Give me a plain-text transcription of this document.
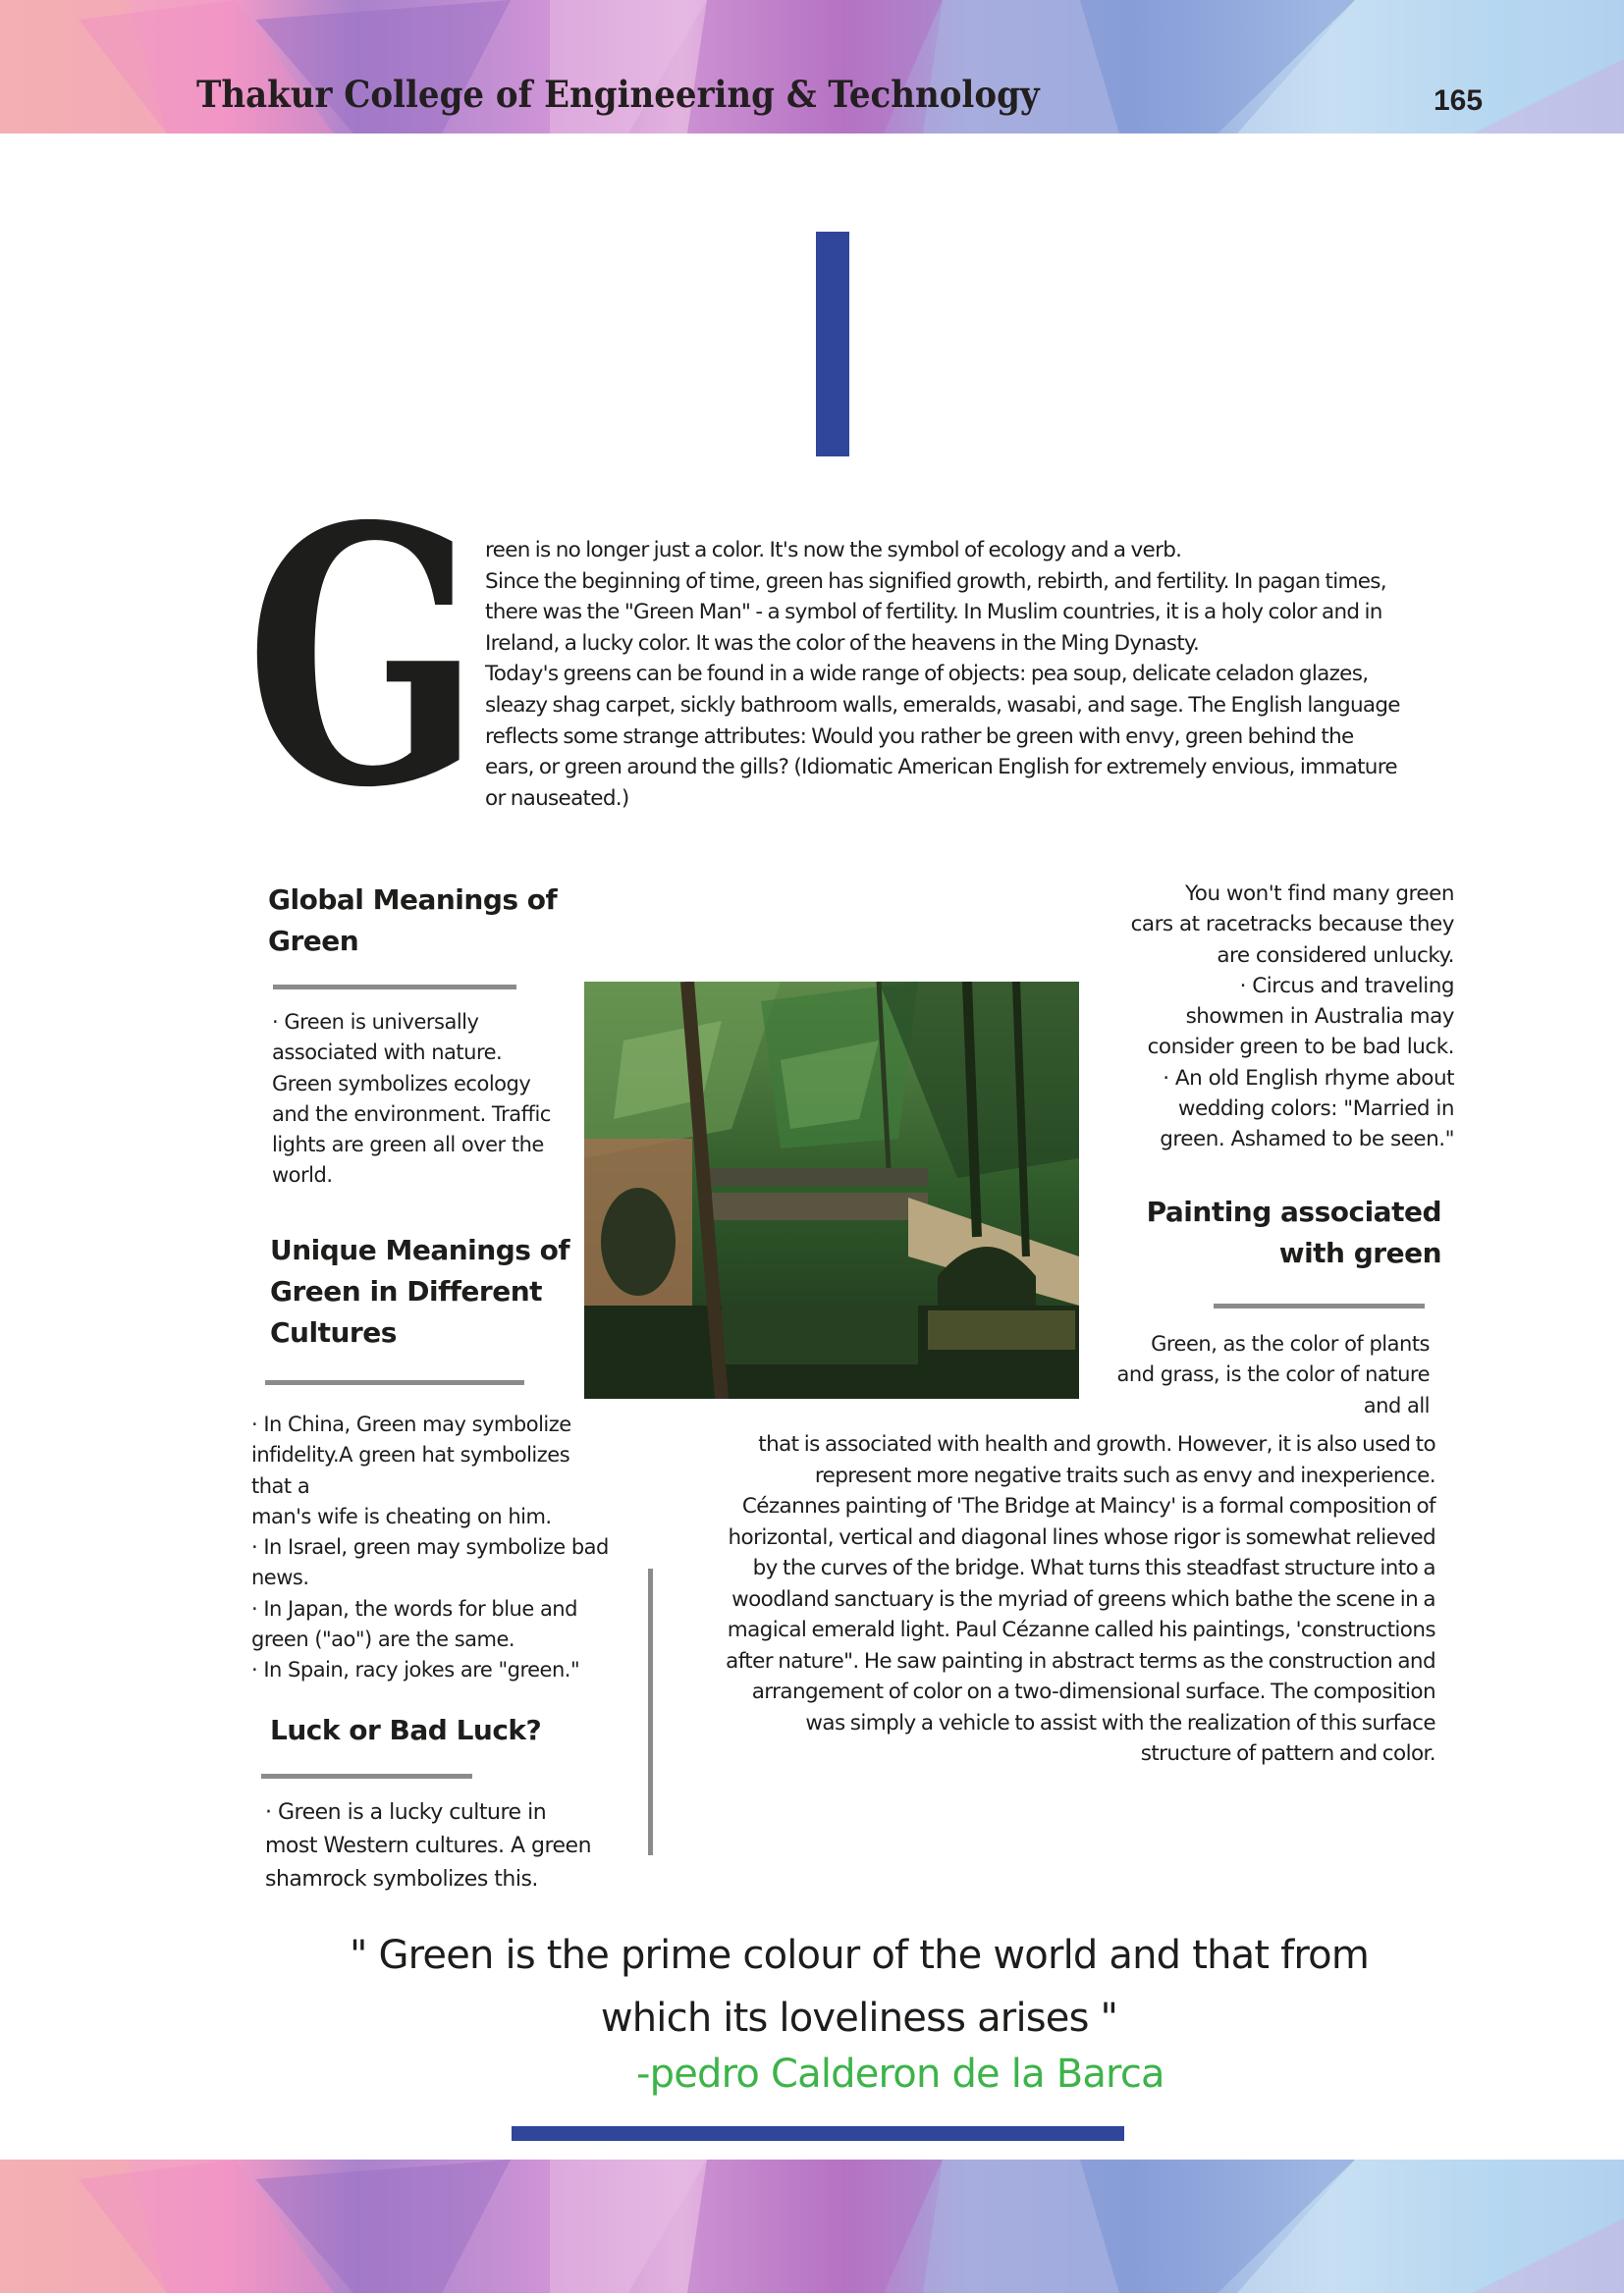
Thakur College of Engineering & Technology	165
G reen is no longer just a color. It's now the symbol of ecology and a verb.

Since the beginning of time, green has signified growth, rebirth, and fertility. In pagan times,

there was the "Green Man" - a symbol of fertility. In Muslim countries, it is a holy color and in

Ireland, a lucky color. It was the color of the heavens in the Ming Dynasty.

Today's greens can be found in a wide range of objects: pea soup, delicate celadon glazes,

sleazy shag carpet, sickly bathroom walls, emeralds, wasabi, and sage. The English language

reflects some strange attributes: Would you rather be green with envy, green behind the

ears, or green around the gills? (Idiomatic American English for extremely envious, immature

or nauseated.)

Global Meanings of
Green

· Green is universally

associated with nature.

Green symbolizes ecology

and the environment. Traffic

lights are green all over the

world.

Unique Meanings of
Green in Different
Cultures

· In China, Green may symbolize

infidelity.A green hat symbolizes

that a

man's wife is cheating on him.

· In Israel, green may symbolize bad

news.

· In Japan, the words for blue and

green ("ao") are the same.

· In Spain, racy jokes are "green."

Luck or Bad Luck?

· Green is a lucky culture in

most Western cultures. A green

shamrock symbolizes this.

You won't find many green

cars at racetracks because they

are considered unlucky.

· Circus and traveling

showmen in Australia may

consider green to be bad luck.

· An old English rhyme about

wedding colors: "Married in

green. Ashamed to be seen."

Painting associated
with green

Green, as the color of plants

and grass, is the color of nature

and all

that is associated with health and growth. However, it is also used to

represent more negative traits such as envy and inexperience.

Cézannes painting of 'The Bridge at Maincy' is a formal composition of

horizontal, vertical and diagonal lines whose rigor is somewhat relieved

by the curves of the bridge. What turns this steadfast structure into a

woodland sanctuary is the myriad of greens which bathe the scene in a

magical emerald light. Paul Cézanne called his paintings, 'constructions

after nature". He saw painting in abstract terms as the construction and

arrangement of color on a two-dimensional surface. The composition

was simply a vehicle to assist with the realization of this surface

structure of pattern and color.

" Green is the prime colour of the world and that from

which its loveliness arises "

-pedro Calderon de la Barca
